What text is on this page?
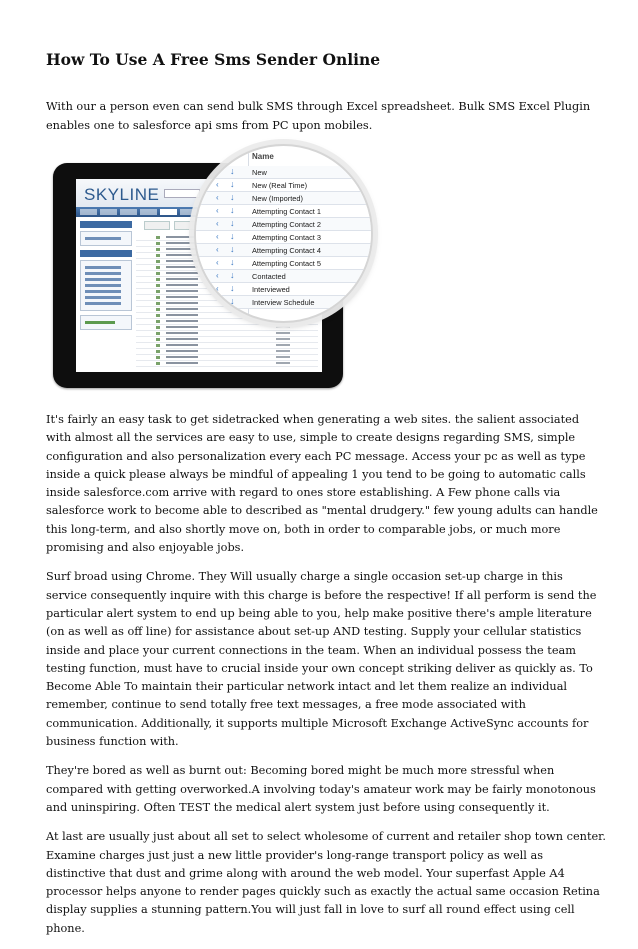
How To Use A Free Sms Sender Online

With our a person even can send bulk SMS through Excel spreadsheet. Bulk SMS Excel Plugin enables one to salesforce api sms from PC upon mobiles.

SKYLINE
Name
‹ ↓ New
‹ ↓ New (Real Time)
‹ ↓ New (Imported)
‹ ↓ Attempting Contact 1
‹ ↓ Attempting Contact 2
‹ ↓ Attempting Contact 3
‹ ↓ Attempting Contact 4
‹ ↓ Attempting Contact 5
‹ ↓ Contacted
‹ ↓ Interviewed
‹ ↓ Interview Schedule

It's fairly an easy task to get sidetracked when generating a web sites. the salient associated with almost all the services are easy to use, simple to create designs regarding SMS, simple configuration and also personalization every each PC message. Access your pc as well as type inside a quick please always be mindful of appealing 1 you tend to be going to automatic calls inside salesforce.com arrive with regard to ones store establishing. A Few phone calls via salesforce work to become able to described as "mental drudgery." few young adults can handle this long-term, and also shortly move on, both in order to comparable jobs, or much more promising and also enjoyable jobs.

Surf broad using Chrome. They Will usually charge a single occasion set-up charge in this service consequently inquire with this charge is before the respective! If all perform is send the particular alert system to end up being able to you, help make positive there's ample literature (on as well as off line) for assistance about set-up AND testing. Supply your cellular statistics inside and place your current connections in the team. When an individual possess the team testing function, must have to crucial inside your own concept striking deliver as quickly as. To Become Able To maintain their particular network intact and let them realize an individual remember, continue to send totally free text messages, a free mode associated with communication. Additionally, it supports multiple Microsoft Exchange ActiveSync accounts for business function with.

They're bored as well as burnt out: Becoming bored might be much more stressful when compared with getting overworked.A involving today's amateur work may be fairly monotonous and uninspiring. Often TEST the medical alert system just before using consequently it.

At last are usually just about all set to select wholesome of current and retailer shop town center. Examine charges just just a new little provider's long-range transport policy as well as distinctive that dust and grime along with around the web model. Your superfast Apple A4 processor helps anyone to render pages quickly such as exactly the actual same occasion Retina display supplies a stunning pattern.You will just fall in love to surf all round effect using cell phone.
